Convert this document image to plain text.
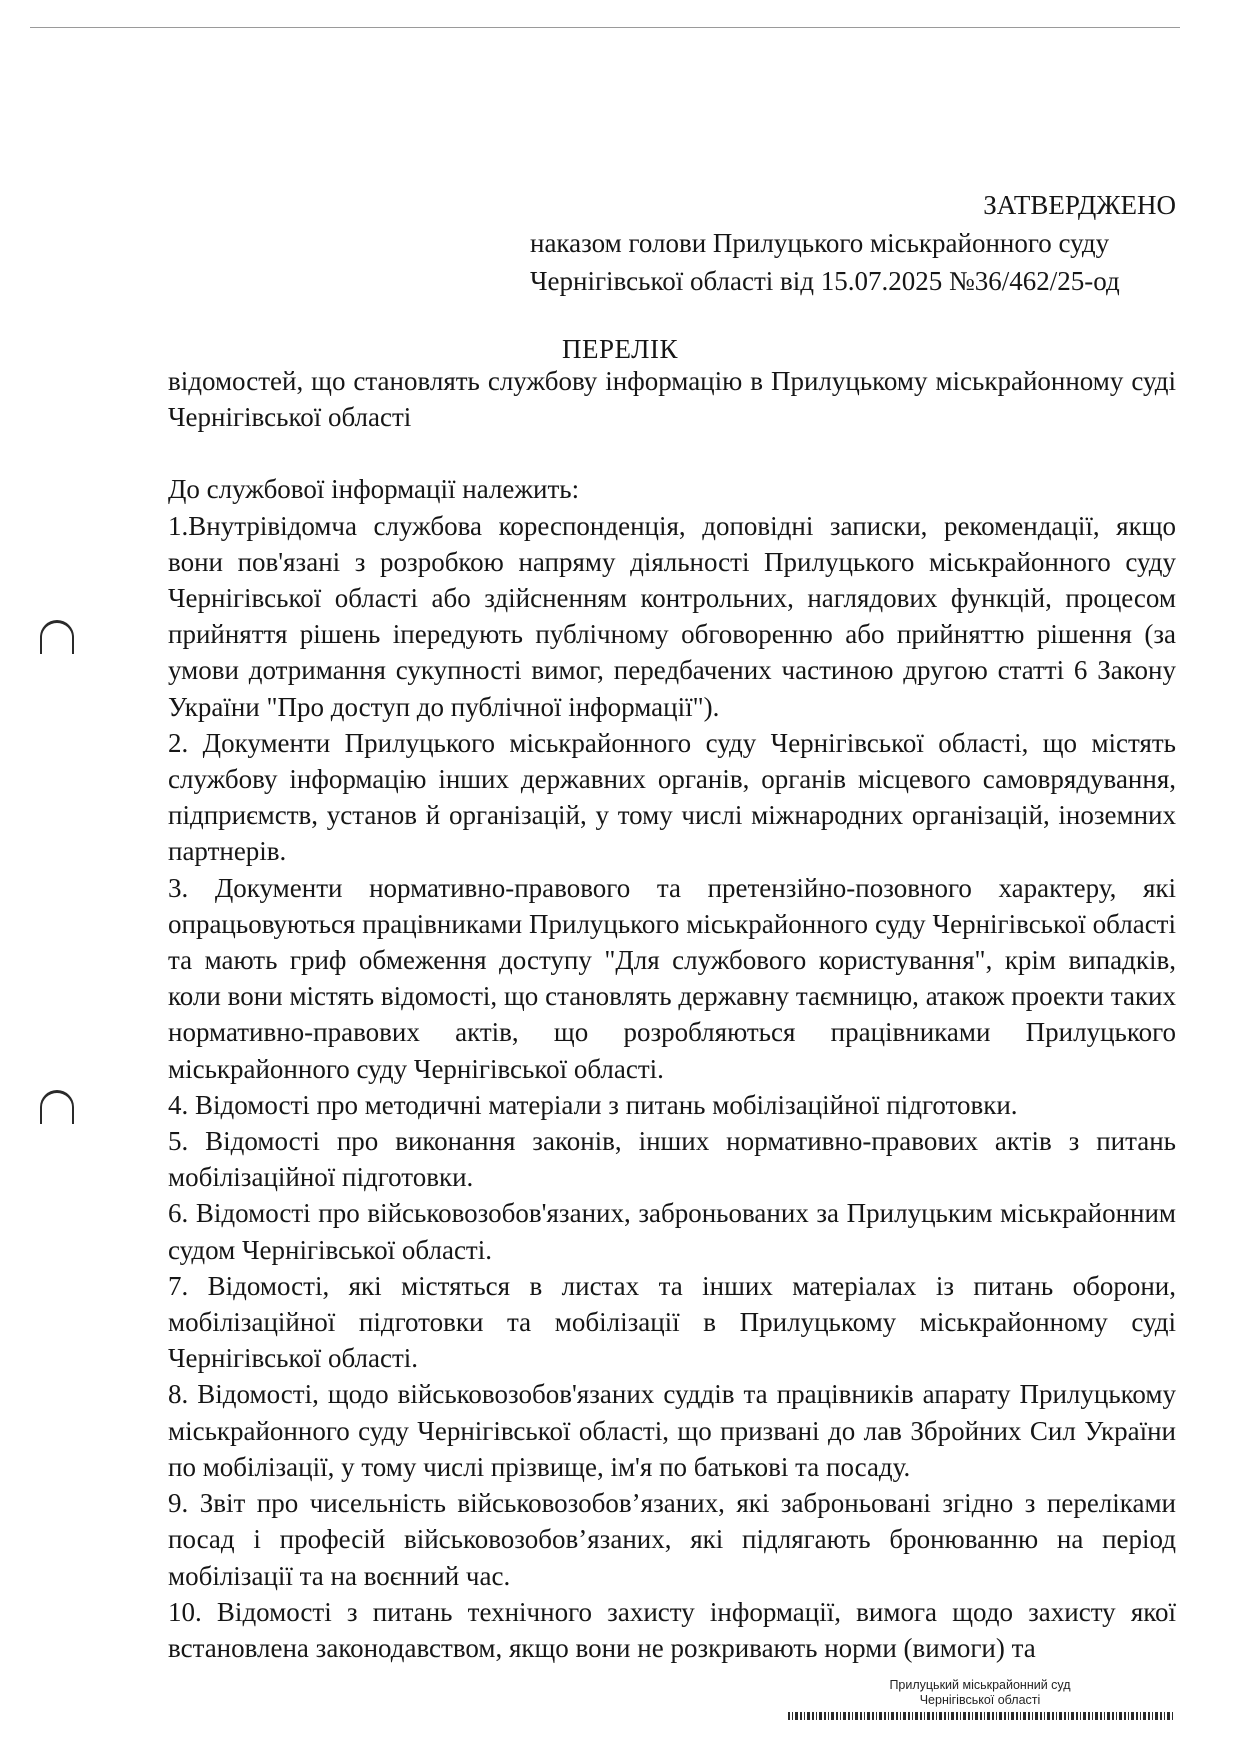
ЗАТВЕРДЖЕНО
наказом голови Прилуцького міськрайонного суду
Чернігівської області від 15.07.2025 №36/462/25-од
ПЕРЕЛІК

відомостей, що становлять службову інформацію в Прилуцькому міськрайонному суді Чернігівської області

До службової інформації належить:

1.Внутрівідомча службова кореспонденція, доповідні записки, рекомендації, якщо вони пов'язані з розробкою напряму діяльності Прилуцького міськрайонного суду Чернігівської області або здійсненням контрольних, наглядових функцій, процесом прийняття рішень іпередують публічному обговоренню або прийняттю рішення (за умови дотримання сукупності вимог, передбачених частиною другою статті 6 Закону України "Про доступ до публічної інформації").

2. Документи Прилуцького міськрайонного суду Чернігівської області, що містять службову інформацію інших державних органів, органів місцевого самоврядування, підприємств, установ й організацій, у тому числі міжнародних організацій, іноземних партнерів.

3. Документи нормативно-правового та претензійно-позовного характеру, які опрацьовуються працівниками Прилуцького міськрайонного суду Чернігівської області та мають гриф обмеження доступу "Для службового користування", крім випадків, коли вони містять відомості, що становлять державну таємницю, атакож проекти таких нормативно-правових актів, що розробляються працівниками Прилуцького міськрайонного суду Чернігівської області.

4. Відомості про методичні матеріали з питань мобілізаційної підготовки.

5. Відомості про виконання законів, інших нормативно-правових актів з питань мобілізаційної підготовки.

6. Відомості про військовозобов'язаних, заброньованих за Прилуцьким міськрайонним судом Чернігівської області.

7. Відомості, які містяться в листах та інших матеріалах із питань оборони, мобілізаційної підготовки та мобілізації в Прилуцькому міськрайонному суді Чернігівської області.

8. Відомості, щодо військовозобов'язаних суддів та працівників апарату Прилуцькому міськрайонного суду Чернігівської області, що призвані до лав Збройних Сил України по мобілізації, у тому числі прізвище, ім'я по батькові та посаду.

9. Звіт про чисельність військовозобов’язаних, які заброньовані згідно з переліками посад і професій військовозобов’язаних, які підлягають бронюванню на період мобілізації та на воєнний час.

10. Відомості з питань технічного захисту інформації, вимога щодо захисту якої встановлена законодавством, якщо вони не розкривають норми (вимоги) та

Прилуцький міськрайонний суд
Чернігівської області
